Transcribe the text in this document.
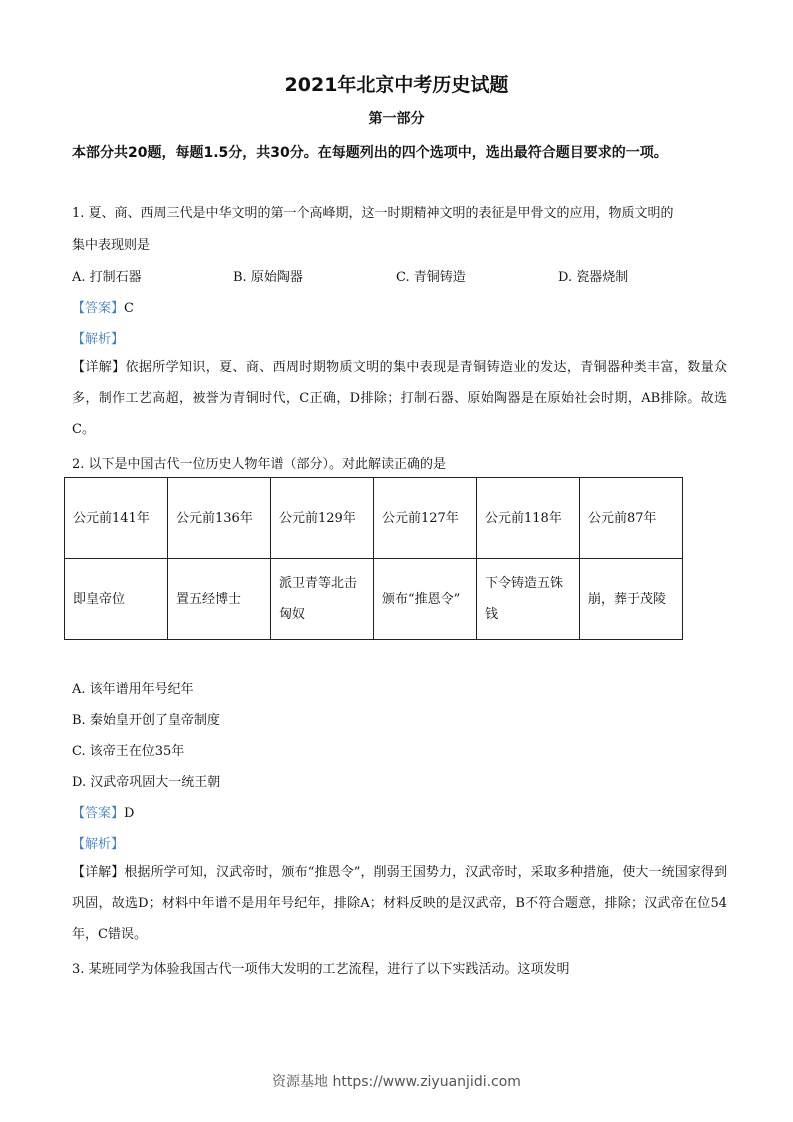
2021年北京中考历史试题
第一部分
本部分共20题，每题1.5分，共30分。在每题列出的四个选项中，选出最符合题目要求的一项。
1. 夏、商、西周三代是中华文明的第一个高峰期，这一时期精神文明的表征是甲骨文的应用，物质文明的
集中表现则是
A. 打制石器	B. 原始陶器	C. 青铜铸造	D. 瓷器烧制
【答案】C
【解析】
【详解】依据所学知识，夏、商、西周时期物质文明的集中表现是青铜铸造业的发达，青铜器种类丰富，数量众多，制作工艺高超，被誉为青铜时代，C正确，D排除；打制石器、原始陶器是在原始社会时期，AB排除。故选C。
2. 以下是中国古代一位历史人物年谱（部分）。对此解读正确的是
公元前141年	公元前136年	公元前129年	公元前127年	公元前118年	公元前87年
即皇帝位	置五经博士	派卫青等北击匈奴	颁布“推恩令”	下令铸造五铢钱	崩，葬于茂陵
A. 该年谱用年号纪年
B. 秦始皇开创了皇帝制度
C. 该帝王在位35年
D. 汉武帝巩固大一统王朝
【答案】D
【解析】
【详解】根据所学可知，汉武帝时，颁布“推恩令”，削弱王国势力，汉武帝时，采取多种措施，使大一统国家得到巩固，故选D；材料中年谱不是用年号纪年，排除A；材料反映的是汉武帝，B不符合题意，排除；汉武帝在位54年，C错误。
3. 某班同学为体验我国古代一项伟大发明的工艺流程，进行了以下实践活动。这项发明
资源基地 https://www.ziyuanjidi.com
